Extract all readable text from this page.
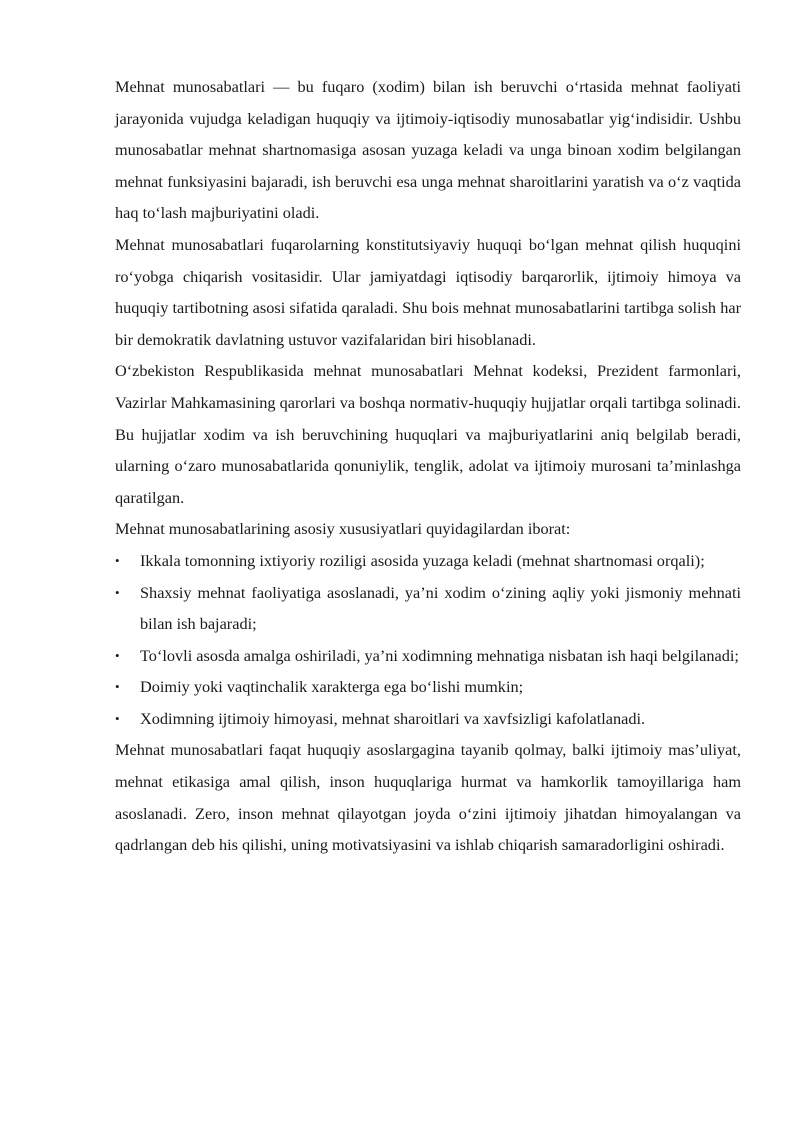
Mehnat munosabatlari — bu fuqaro (xodim) bilan ish beruvchi o‘rtasida mehnat faoliyati jarayonida vujudga keladigan huquqiy va ijtimoiy-iqtisodiy munosabatlar yig‘indisidir. Ushbu munosabatlar mehnat shartnomasiga asosan yuzaga keladi va unga binoan xodim belgilangan mehnat funksiyasini bajaradi, ish beruvchi esa unga mehnat sharoitlarini yaratish va o‘z vaqtida haq to‘lash majburiyatini oladi.

Mehnat munosabatlari fuqarolarning konstitutsiyaviy huquqi bo‘lgan mehnat qilish huquqini ro‘yobga chiqarish vositasidir. Ular jamiyatdagi iqtisodiy barqarorlik, ijtimoiy himoya va huquqiy tartibotning asosi sifatida qaraladi. Shu bois mehnat munosabatlarini tartibga solish har bir demokratik davlatning ustuvor vazifalaridan biri hisoblanadi.

O‘zbekiston Respublikasida mehnat munosabatlari Mehnat kodeksi, Prezident farmonlari, Vazirlar Mahkamasining qarorlari va boshqa normativ-huquqiy hujjatlar orqali tartibga solinadi. Bu hujjatlar xodim va ish beruvchining huquqlari va majburiyatlarini aniq belgilab beradi, ularning o‘zaro munosabatlarida qonuniylik, tenglik, adolat va ijtimoiy murosani ta’minlashga qaratilgan.

Mehnat munosabatlarining asosiy xususiyatlari quyidagilardan iborat:

•	Ikkala tomonning ixtiyoriy roziligi asosida yuzaga keladi (mehnat shartnomasi orqali);
•	Shaxsiy mehnat faoliyatiga asoslanadi, ya’ni xodim o‘zining aqliy yoki jismoniy mehnati bilan ish bajaradi;
•	To‘lovli asosda amalga oshiriladi, ya’ni xodimning mehnatiga nisbatan ish haqi belgilanadi;
•	Doimiy yoki vaqtinchalik xarakterga ega bo‘lishi mumkin;
•	Xodimning ijtimoiy himoyasi, mehnat sharoitlari va xavfsizligi kafolatlanadi.

Mehnat munosabatlari faqat huquqiy asoslargagina tayanib qolmay, balki ijtimoiy mas’uliyat, mehnat etikasiga amal qilish, inson huquqlariga hurmat va hamkorlik tamoyillariga ham asoslanadi. Zero, inson mehnat qilayotgan joyda o‘zini ijtimoiy jihatdan himoyalangan va qadrlangan deb his qilishi, uning motivatsiyasini va ishlab chiqarish samaradorligini oshiradi.
